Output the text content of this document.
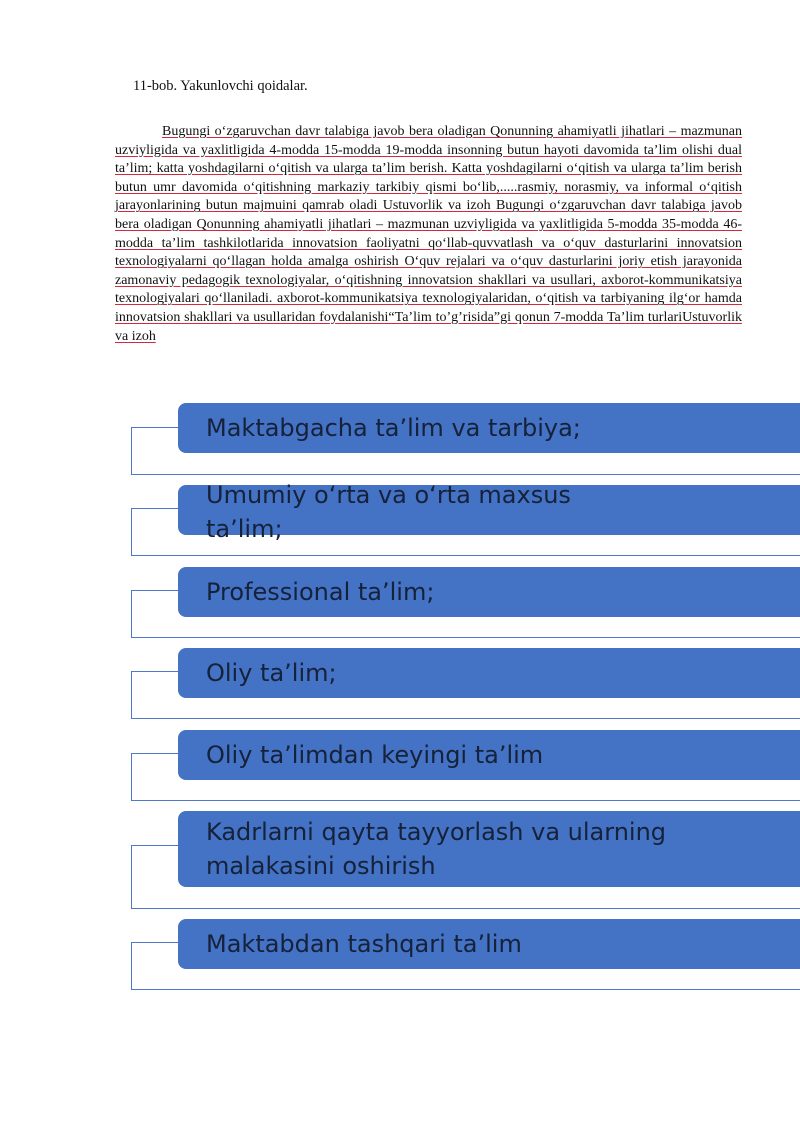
11-bob. Yakunlovchi qoidalar.

Bugungi o‘zgaruvchan davr talabiga javob bera oladigan Qonunning ahamiyatli jihatlari – mazmunan uzviyligida va yaxlitligida 4-modda 15-modda 19-modda insonning butun hayoti davomida ta’lim olishi dual ta’lim; katta yoshdagilarni o‘qitish va ularga ta’lim berish. Katta yoshdagilarni o‘qitish va ularga ta’lim berish butun umr davomida o‘qitishning markaziy tarkibiy qismi bo‘lib,.....rasmiy, norasmiy, va informal o‘qitish jarayonlarining butun majmuini qamrab oladi Ustuvorlik va izoh Bugungi o‘zgaruvchan davr talabiga javob bera oladigan Qonunning ahamiyatli jihatlari – mazmunan uzviyligida va yaxlitligida 5-modda 35-modda 46-modda ta’lim tashkilotlarida innovatsion faoliyatni qo‘llab-quvvatlash va o‘quv dasturlarini innovatsion texnologiyalarni qo‘llagan holda amalga oshirish O‘quv rejalari va o‘quv dasturlarini joriy etish jarayonida zamonaviy pedagogik texnologiyalar, o‘qitishning innovatsion shakllari va usullari, axborot-kommunikatsiya texnologiyalari qo‘llaniladi. axborot-kommunikatsiya texnologiyalaridan, o‘qitish va tarbiyaning ilg‘or hamda innovatsion shakllari va usullaridan foydalanishi“Ta’lim to’g’risida”gi qonun 7-modda Ta’lim turlariUstuvorlik va izoh

Maktabgacha ta’lim va tarbiya;
Umumiy o‘rta va o‘rta maxsus ta’lim;
Professional ta’lim;
Oliy ta’lim;
Oliy ta’limdan keyingi ta’lim
Kadrlarni qayta tayyorlash va ularning malakasini oshirish
Maktabdan tashqari ta’lim
